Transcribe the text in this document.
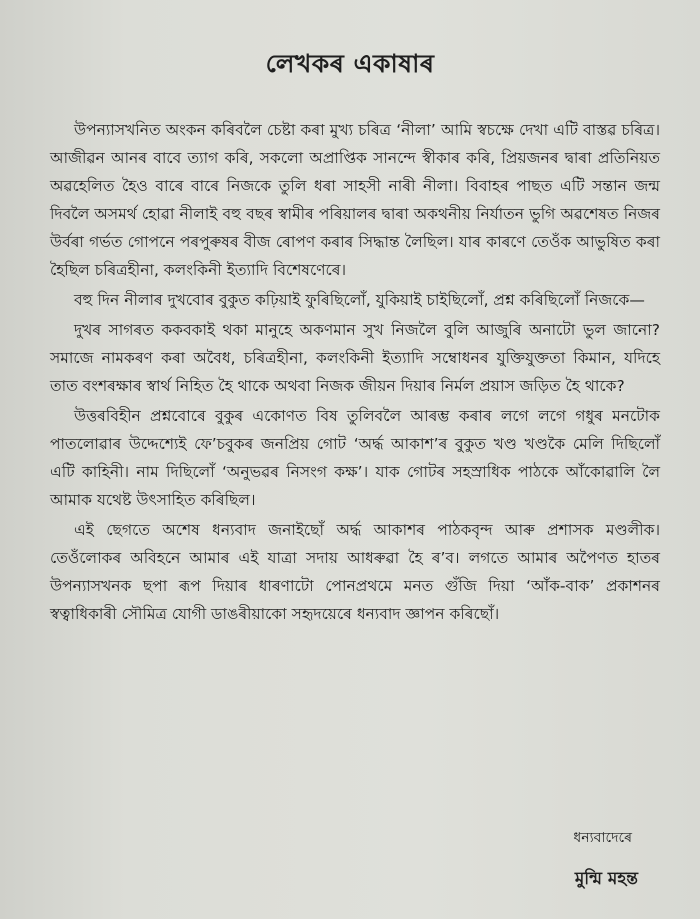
লেখকৰ একাষাৰ

উপন্যাসখনিত অংকন কৰিবলৈ চেষ্টা কৰা মুখ্য চৰিত্ৰ ‘নীলা’ আমি স্বচক্ষে দেখা এটি বাস্তৱ চৰিত্ৰ। আজীৱন আনৰ বাবে ত্যাগ কৰি, সকলো অপ্ৰাপ্তিক সানন্দে স্বীকাৰ কৰি, প্ৰিয়জনৰ দ্বাৰা প্ৰতিনিয়ত অৱহেলিত হৈও বাৰে বাৰে নিজকে তুলি ধৰা সাহসী নাৰী নীলা। বিবাহৰ পাছত এটি সন্তান জন্ম দিবলৈ অসমৰ্থ হোৱা নীলাই বহু বছৰ স্বামীৰ পৰিয়ালৰ দ্বাৰা অকথনীয় নিৰ্যাতন ভুগি অৱশেষত নিজৰ উৰ্বৰা গৰ্ভত গোপনে পৰপুৰুষৰ বীজ ৰোপণ কৰাৰ সিদ্ধান্ত লৈছিল। যাৰ কাৰণে তেওঁক আভুষিত কৰা হৈছিল চৰিত্ৰহীনা, কলংকিনী ইত্যাদি বিশেষণেৰে।

বহু দিন নীলাৰ দুখবোৰ বুকুত কঢ়িয়াই ফুৰিছিলোঁ, যুকিয়াই চাইছিলোঁ, প্ৰশ্ন কৰিছিলোঁ নিজকে—

দুখৰ সাগৰত ককবকাই থকা মানুহে অকণমান সুখ নিজলৈ বুলি আজুৰি অনাটো ভুল জানো? সমাজে নামকৰণ কৰা অবৈধ, চৰিত্ৰহীনা, কলংকিনী ইত্যাদি সম্বোধনৰ যুক্তিযুক্ততা কিমান, যদিহে তাত বংশৰক্ষাৰ স্বাৰ্থ নিহিত হৈ থাকে অথবা নিজক জীয়ন দিয়াৰ নিৰ্মল প্ৰয়াস জড়িত হৈ থাকে?

উত্তৰবিহীন প্ৰশ্নবোৰে বুকুৰ একোণত বিষ তুলিবলৈ আৰম্ভ কৰাৰ লগে লগে গধুৰ মনটোক পাতলোৱাৰ উদ্দেশ্যেই ফে’চবুকৰ জনপ্ৰিয় গোট ‘অৰ্দ্ধ আকাশ’ৰ বুকুত খণ্ড খণ্ডকৈ মেলি দিছিলোঁ এটি কাহিনী। নাম দিছিলোঁ ‘অনুভৱৰ নিসংগ কক্ষ’। যাক গোটৰ সহস্ৰাধিক পাঠকে আঁকোৱালি লৈ আমাক যথেষ্ট উৎসাহিত কৰিছিল।

এই ছেগতে অশেষ ধন্যবাদ জনাইছোঁ অৰ্দ্ধ আকাশৰ পাঠকবৃন্দ আৰু প্ৰশাসক মণ্ডলীক। তেওঁলোকৰ অবিহনে আমাৰ এই যাত্ৰা সদায় আধৰুৱা হৈ ৰ’ব। লগতে আমাৰ অপৈণত হাতৰ উপন্যাসখনক ছপা ৰূপ দিয়াৰ ধাৰণাটো পোনপ্ৰথমে মনত গুঁজি দিয়া ‘আঁক-বাক’ প্ৰকাশনৰ স্বত্বাধিকাৰী সৌমিত্ৰ যোগী ডাঙৰীয়াকো সহৃদয়েৰে ধন্যবাদ জ্ঞাপন কৰিছোঁ।

ধন্যবাদেৰে
মুন্মি মহন্ত
